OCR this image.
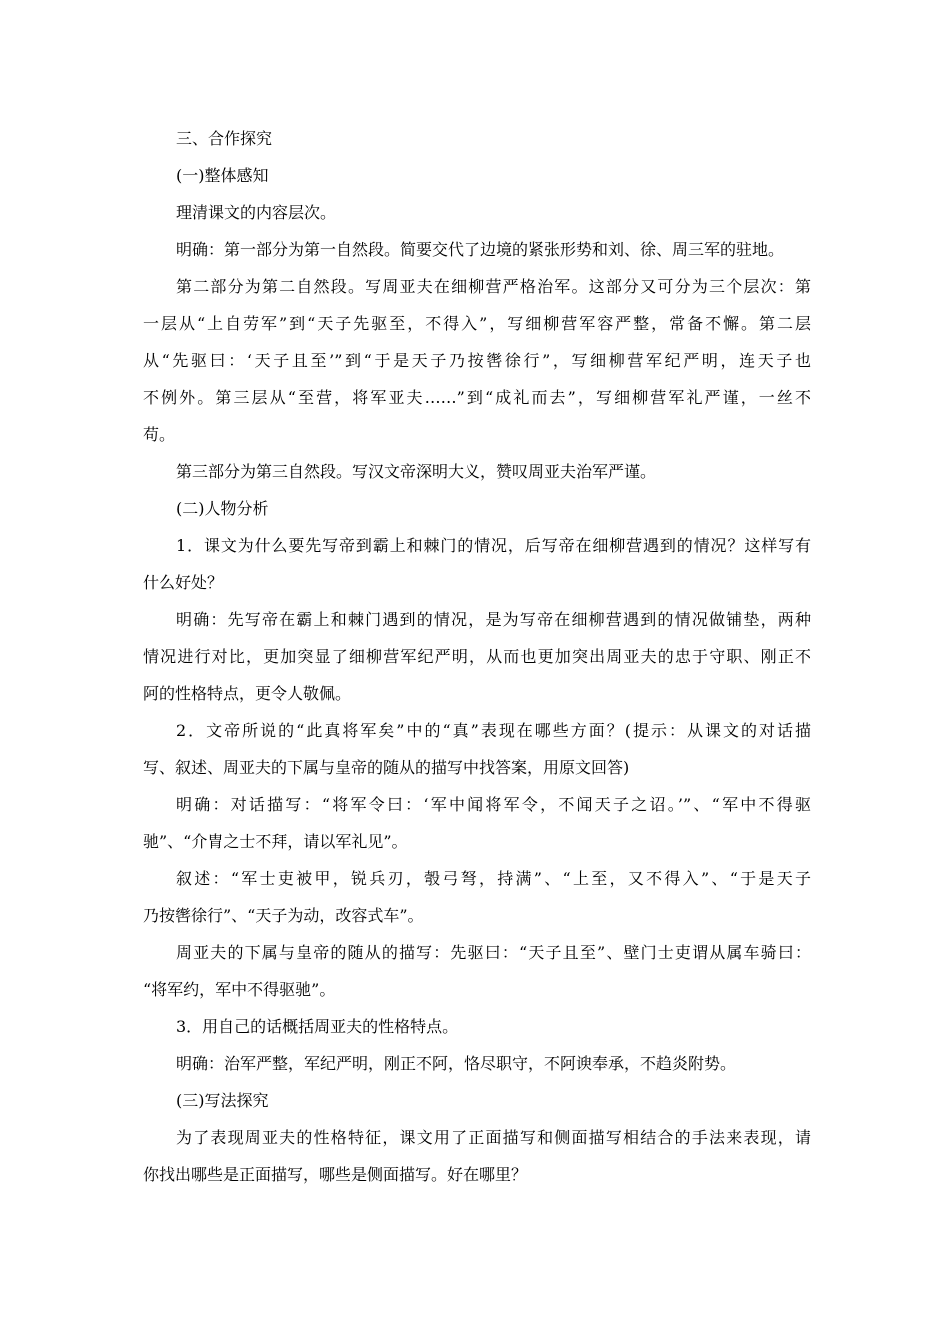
三、合作探究
(一)整体感知
理清课文的内容层次。
明确：第一部分为第一自然段。简要交代了边境的紧张形势和刘、徐、周三军的驻地。
第二部分为第二自然段。写周亚夫在细柳营严格治军。这部分又可分为三个层次：第
一层从“上自劳军”到“天子先驱至，不得入”，写细柳营军容严整，常备不懈。第二层
从“先驱曰：‘天子且至’”到“于是天子乃按辔徐行”，写细柳营军纪严明，连天子也
不例外。第三层从“至营，将军亚夫……”到“成礼而去”，写细柳营军礼严谨，一丝不
苟。
第三部分为第三自然段。写汉文帝深明大义，赞叹周亚夫治军严谨。
(二)人物分析
1．课文为什么要先写帝到霸上和棘门的情况，后写帝在细柳营遇到的情况？这样写有
什么好处？
明确：先写帝在霸上和棘门遇到的情况，是为写帝在细柳营遇到的情况做铺垫，两种
情况进行对比，更加突显了细柳营军纪严明，从而也更加突出周亚夫的忠于守职、刚正不
阿的性格特点，更令人敬佩。
2．文帝所说的“此真将军矣”中的“真”表现在哪些方面？(提示：从课文的对话描
写、叙述、周亚夫的下属与皇帝的随从的描写中找答案，用原文回答)
明确：对话描写：“将军令曰：‘军中闻将军令，不闻天子之诏。’”、“军中不得驱
驰”、“介胄之士不拜，请以军礼见”。
叙述：“军士吏被甲，锐兵刃，彀弓弩，持满”、“上至，又不得入”、“于是天子
乃按辔徐行”、“天子为动，改容式车”。
周亚夫的下属与皇帝的随从的描写：先驱曰：“天子且至”、壁门士吏谓从属车骑曰：
“将军约，军中不得驱驰”。
3．用自己的话概括周亚夫的性格特点。
明确：治军严整，军纪严明，刚正不阿，恪尽职守，不阿谀奉承，不趋炎附势。
(三)写法探究
为了表现周亚夫的性格特征，课文用了正面描写和侧面描写相结合的手法来表现，请
你找出哪些是正面描写，哪些是侧面描写。好在哪里？
